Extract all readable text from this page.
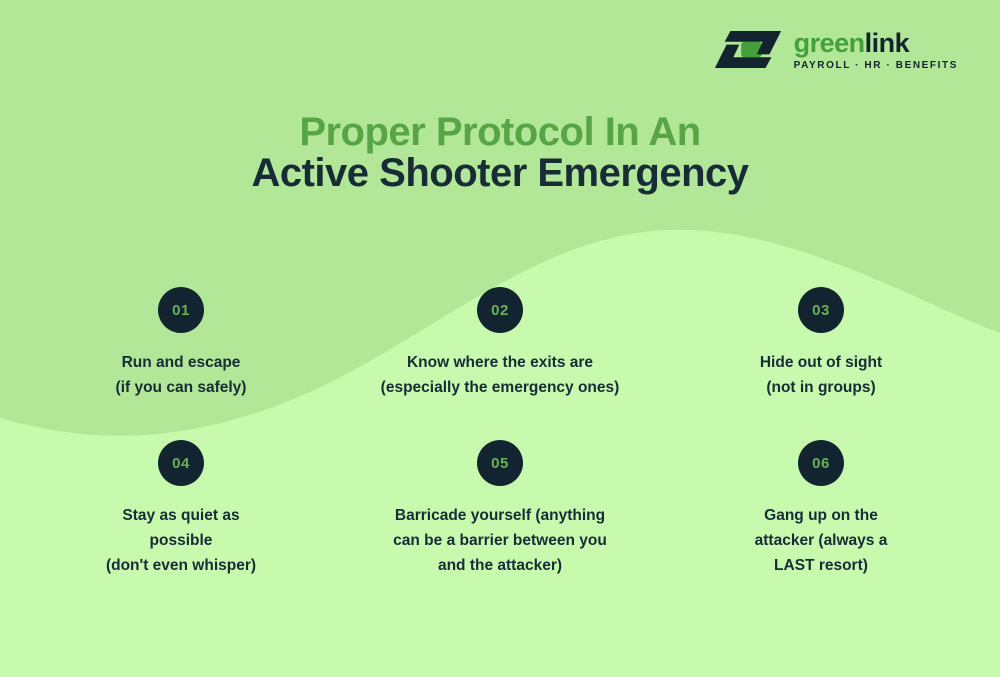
greenlink
PAYROLL · HR · BENEFITS
Proper Protocol In An
Active Shooter Emergency
01
Run and escape
(if you can safely)
02
Know where the exits are
(especially the emergency ones)
03
Hide out of sight
(not in groups)
04
Stay as quiet as
possible
(don't even whisper)
05
Barricade yourself (anything
can be a barrier between you
and the attacker)
06
Gang up on the
attacker (always a
LAST resort)
